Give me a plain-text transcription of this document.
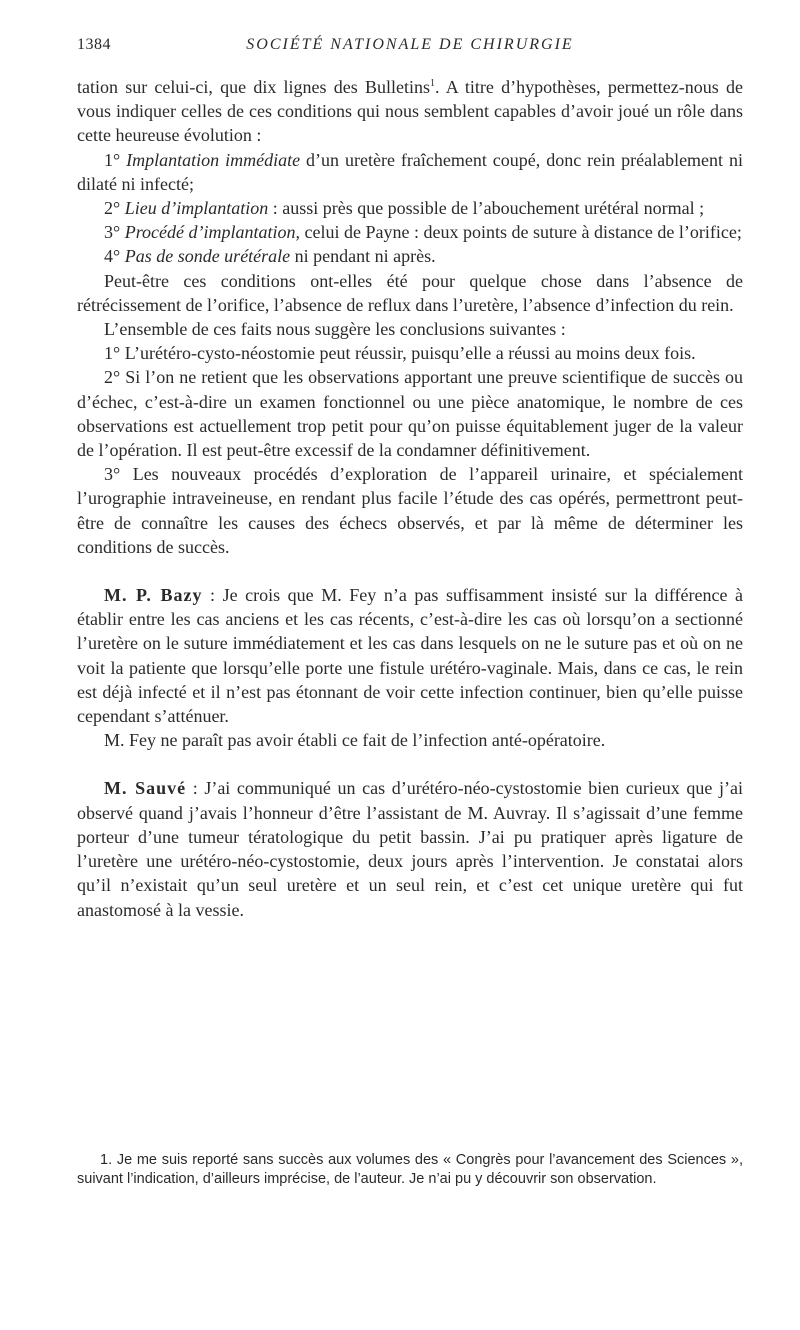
1384	SOCIÉTÉ NATIONALE DE CHIRURGIE

tation sur celui-ci, que dix lignes des Bulletins$^1$. A titre d’hypothèses, permettez-nous de vous indiquer celles de ces conditions qui nous semblent capables d’avoir joué un rôle dans cette heureuse évolution :

1° Implantation immédiate d’un uretère fraîchement coupé, donc rein préalablement ni dilaté ni infecté;

2° Lieu d’implantation : aussi près que possible de l’abouchement urétéral normal ;

3° Procédé d’implantation, celui de Payne : deux points de suture à distance de l’orifice;

4° Pas de sonde urétérale ni pendant ni après.

Peut-être ces conditions ont-elles été pour quelque chose dans l’absence de rétrécissement de l’orifice, l’absence de reflux dans l’uretère, l’absence d’infection du rein.

L’ensemble de ces faits nous suggère les conclusions suivantes :

1° L’urétéro-cysto-néostomie peut réussir, puisqu’elle a réussi au moins deux fois.

2° Si l’on ne retient que les observations apportant une preuve scientifique de succès ou d’échec, c’est-à-dire un examen fonctionnel ou une pièce anatomique, le nombre de ces observations est actuellement trop petit pour qu’on puisse équitablement juger de la valeur de l’opération. Il est peut-être excessif de la condamner définitivement.

3° Les nouveaux procédés d’exploration de l’appareil urinaire, et spécialement l’urographie intraveineuse, en rendant plus facile l’étude des cas opérés, permettront peut-être de connaître les causes des échecs observés, et par là même de déterminer les conditions de succès.

M. P. Bazy : Je crois que M. Fey n’a pas suffisamment insisté sur la différence à établir entre les cas anciens et les cas récents, c’est-à-dire les cas où lorsqu’on a sectionné l’uretère on le suture immédiatement et les cas dans lesquels on ne le suture pas et où on ne voit la patiente que lorsqu’elle porte une fistule urétéro-vaginale. Mais, dans ce cas, le rein est déjà infecté et il n’est pas étonnant de voir cette infection continuer, bien qu’elle puisse cependant s’atténuer.

M. Fey ne paraît pas avoir établi ce fait de l’infection anté-opératoire.

M. Sauvé : J’ai communiqué un cas d’urétéro-néo-cystostomie bien curieux que j’ai observé quand j’avais l’honneur d’être l’assistant de M. Auvray. Il s’agissait d’une femme porteur d’une tumeur tératologique du petit bassin. J’ai pu pratiquer après ligature de l’uretère une urétéro-néo-cystostomie, deux jours après l’intervention. Je constatai alors qu’il n’existait qu’un seul uretère et un seul rein, et c’est cet unique uretère qui fut anastomosé à la vessie.

1. Je me suis reporté sans succès aux volumes des « Congrès pour l’avancement des Sciences », suivant l’indication, d’ailleurs imprécise, de l’auteur. Je n’ai pu y découvrir son observation.
